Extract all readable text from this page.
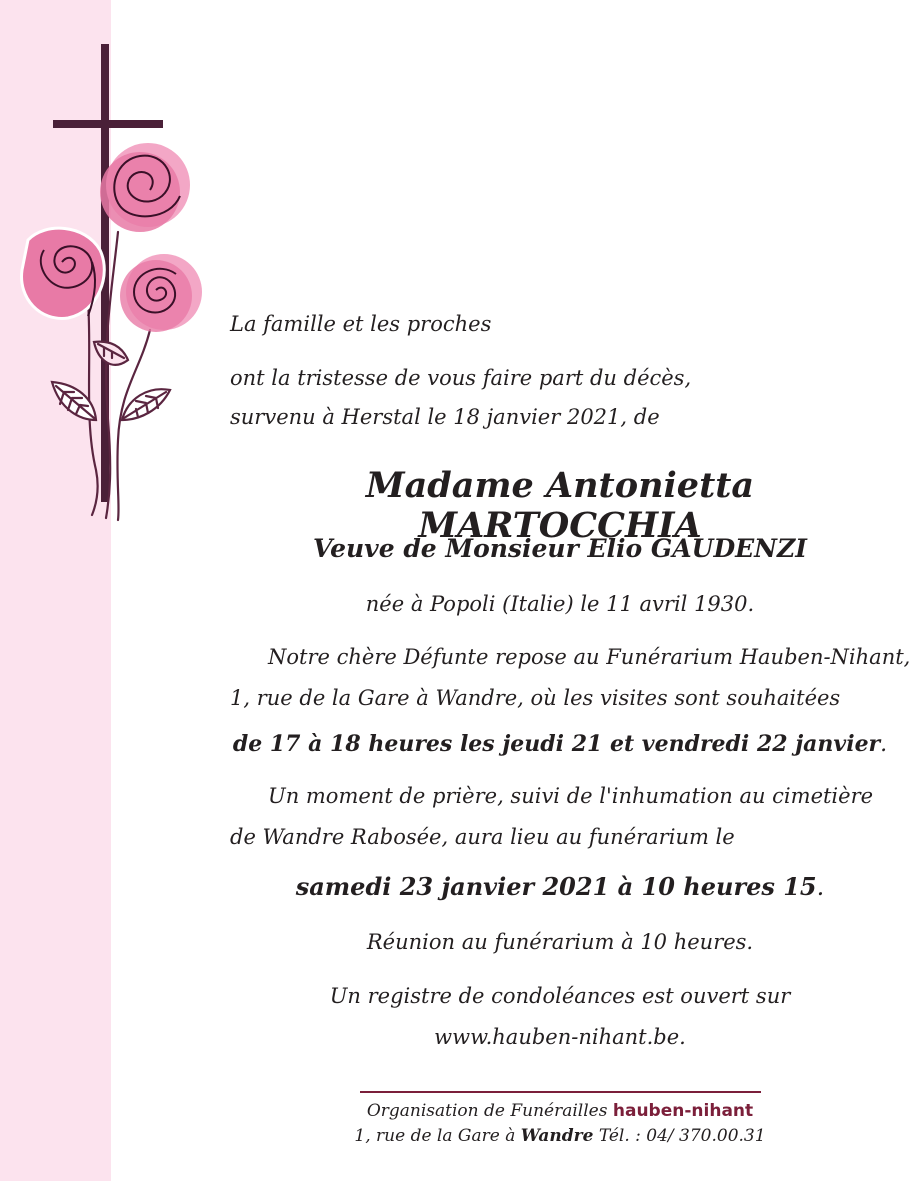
La famille et les proches

ont la tristesse de vous faire part du décès,

survenu à Herstal le 18 janvier 2021, de

Madame Antonietta MARTOCCHIA
Veuve de Monsieur Elio GAUDENZI

née à Popoli (Italie) le 11 avril 1930.

Notre chère Défunte repose au Funérarium Hauben-Nihant,

1, rue de la Gare à Wandre, où les visites sont souhaitées

de 17 à 18 heures les jeudi 21 et vendredi 22 janvier.

Un moment de prière, suivi de l'inhumation au cimetière

de Wandre Rabosée, aura lieu au funérarium le

samedi 23 janvier 2021 à 10 heures 15.

Réunion au funérarium à 10 heures.

Un registre de condoléances est ouvert sur

www.hauben-nihant.be.

Organisation de Funérailles hauben-nihant

1, rue de la Gare à Wandre Tél. : 04/ 370.00.31
